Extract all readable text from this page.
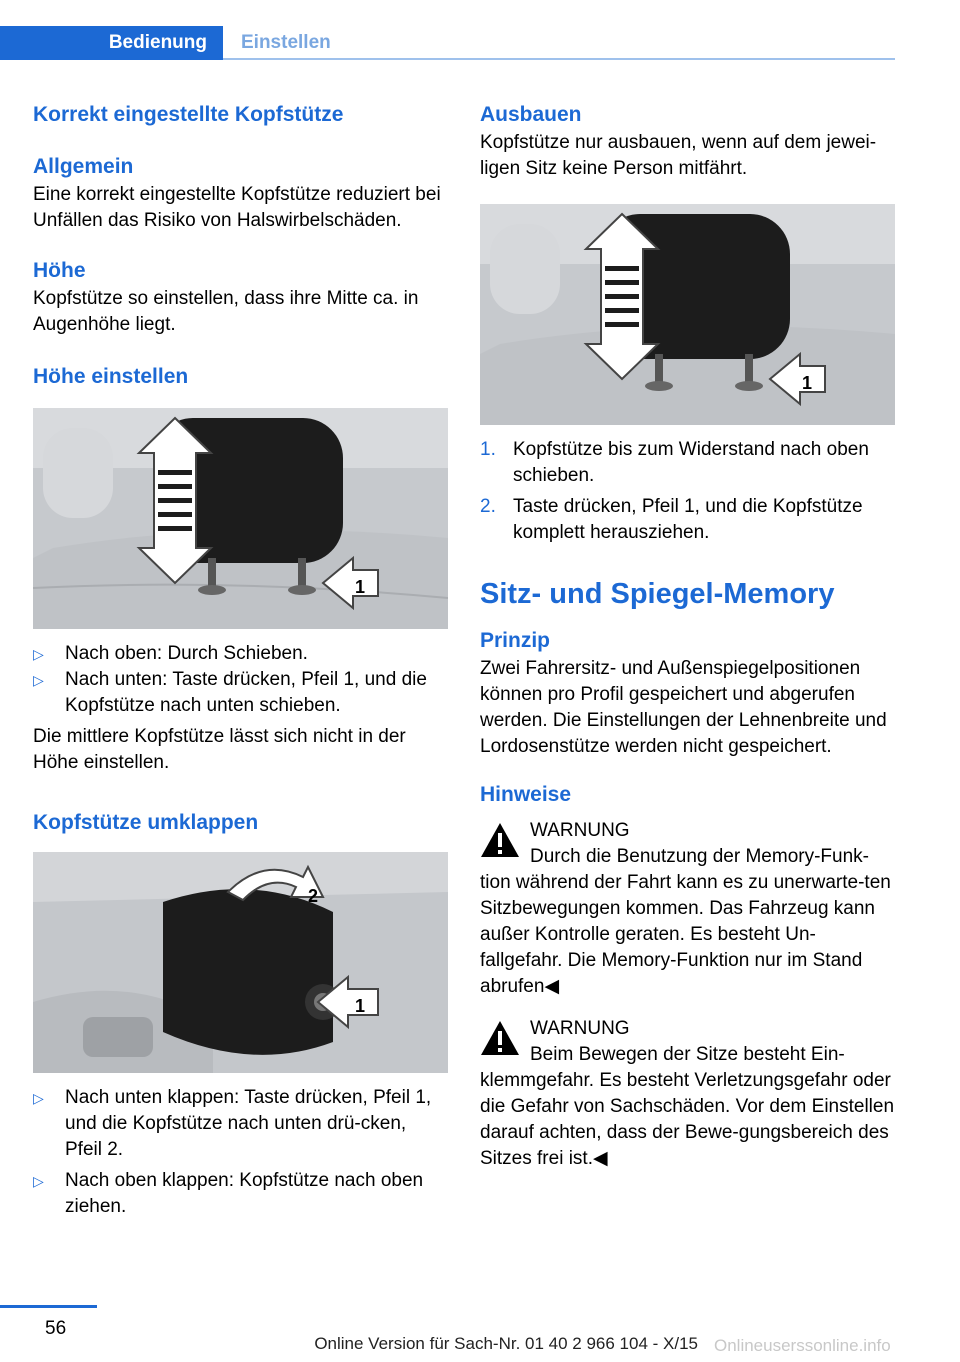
Bedienung	Einstellen
Korrekt eingestellte Kopfstütze
Allgemein

Eine korrekt eingestellte Kopfstütze reduziert bei Unfällen das Risiko von Halswirbelschäden.

Höhe

Kopfstütze so einstellen, dass ihre Mitte ca. in Augenhöhe liegt.

Höhe einstellen
1
▷	Nach oben: Durch Schieben.
▷	Nach unten: Taste drücken, Pfeil 1, und die Kopfstütze nach unten schieben.

Die mittlere Kopfstütze lässt sich nicht in der Höhe einstellen.

Kopfstütze umklappen
2
1
▷	Nach unten klappen: Taste drücken, Pfeil 1, und die Kopfstütze nach unten drü‐cken, Pfeil 2.
▷	Nach oben klappen: Kopfstütze nach oben ziehen.
Ausbauen

Kopfstütze nur ausbauen, wenn auf dem jewei‐ligen Sitz keine Person mitfährt.

1
1. Kopfstütze bis zum Widerstand nach oben schieben.
2. Taste drücken, Pfeil 1, und die Kopfstütze komplett herausziehen.
Sitz- und Spiegel-Memory
Prinzip

Zwei Fahrersitz- und Außenspiegelpositionen können pro Profil gespeichert und abgerufen werden. Die Einstellungen der Lehnenbreite und Lordosenstütze werden nicht gespeichert.

Hinweise
WARNUNG
Durch die Benutzung der Memory-Funk‐
tion während der Fahrt kann es zu unerwarte‐ten Sitzbewegungen kommen. Das Fahrzeug kann außer Kontrolle geraten. Es besteht Un‐fallgefahr. Die Memory-Funktion nur im Stand abrufen◀
WARNUNG
Beim Bewegen der Sitze besteht Ein‐
klemmgefahr. Es besteht Verletzungsgefahr oder die Gefahr von Sachschäden. Vor dem Einstellen darauf achten, dass der Bewe‐gungsbereich des Sitzes frei ist.◀
56
Online Version für Sach-Nr. 01 40 2 966 104 - X/15 Onlineuserssonline.info
